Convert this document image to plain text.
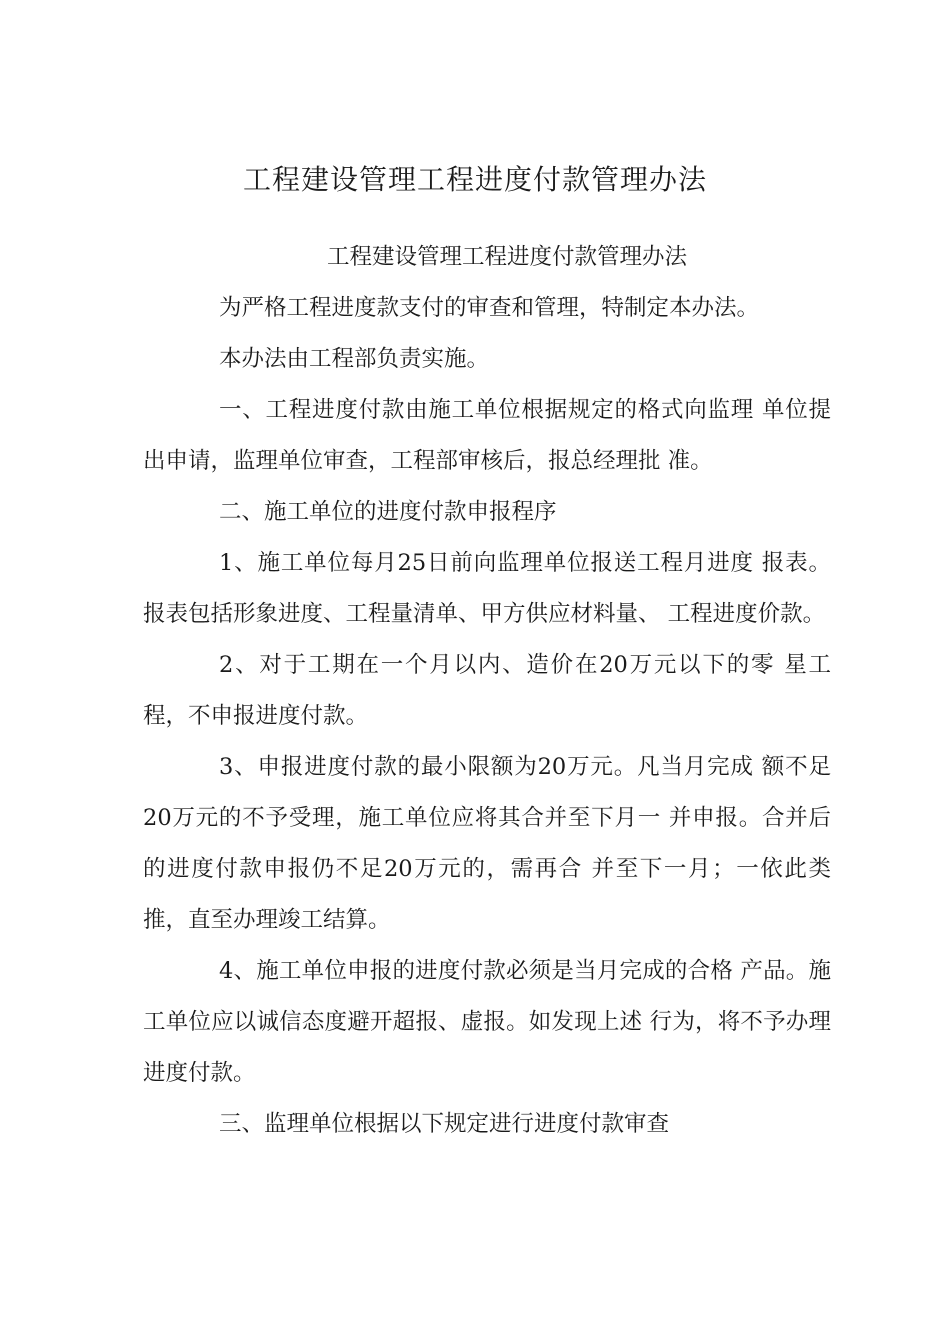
工程建设管理工程进度付款管理办法

工程建设管理工程进度付款管理办法

为严格工程进度款支付的审查和管理，特制定本办法。

本办法由工程部负责实施。

一、工程进度付款由施工单位根据规定的格式向监理 单位提出申请，监理单位审查，工程部审核后，报总经理批 准。

二、施工单位的进度付款申报程序

1、施工单位每月25日前向监理单位报送工程月进度 报表。报表包括形象进度、工程量清单、甲方供应材料量、 工程进度价款。

2、对于工期在一个月以内、造价在20万元以下的零 星工程，不申报进度付款。

3、申报进度付款的最小限额为20万元。凡当月完成 额不足20万元的不予受理，施工单位应将其合并至下月一 并申报。合并后的进度付款申报仍不足20万元的，需再合 并至下一月；一依此类推，直至办理竣工结算。

4、施工单位申报的进度付款必须是当月完成的合格 产品。施工单位应以诚信态度避开超报、虚报。如发现上述 行为，将不予办理进度付款。

三、监理单位根据以下规定进行进度付款审查
